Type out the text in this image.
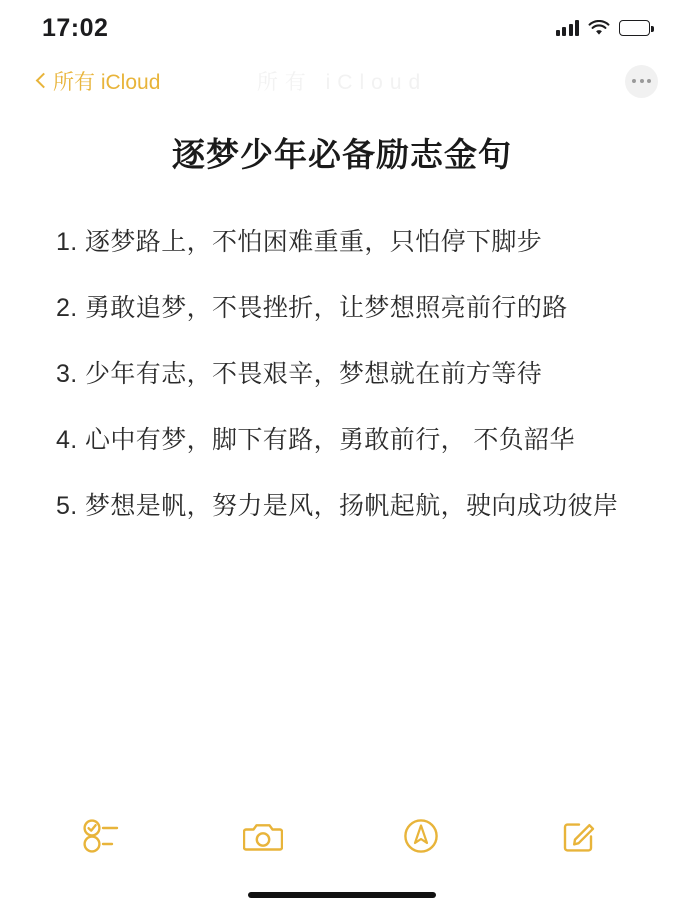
17:02
所有 iCloud
所有 iCloud
逐梦少年必备励志金句
1. 逐梦路上，不怕困难重重，只怕停下脚步
2. 勇敢追梦，不畏挫折，让梦想照亮前行的路
3. 少年有志，不畏艰辛，梦想就在前方等待
4. 心中有梦，脚下有路，勇敢前行， 不负韶华
5. 梦想是帆，努力是风，扬帆起航，驶向成功彼岸
